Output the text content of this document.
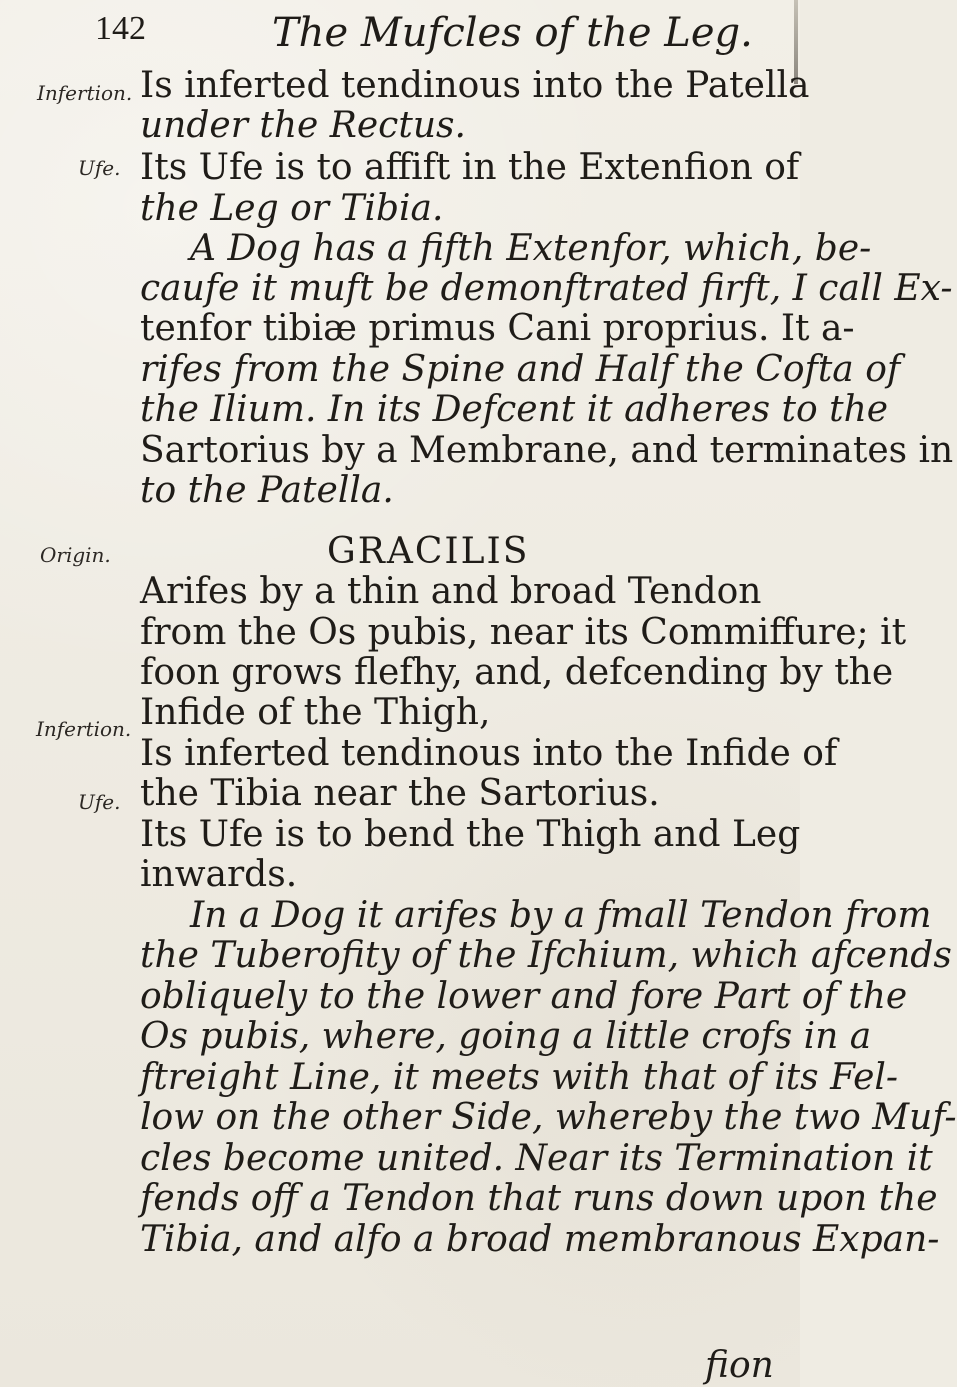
142	The Mufcles of the Leg.
Infertion.
Ufe.
Origin.
Infertion.
Ufe.
Is inferted tendinous into the Patella
under the Rectus.
Its Ufe is to affift in the Extenfion of
the Leg or Tibia.
A Dog has a fifth Extenfor, which, be-
caufe it muft be demonftrated firft, I call Ex-
tenfor tibiæ primus Cani proprius. It a-
rifes from the Spine and Half the Cofta of
the Ilium. In its Defcent it adheres to the
Sartorius by a Membrane, and terminates in
to the Patella.
GRACILIS
Arifes by a thin and broad Tendon
from the Os pubis, near its Commiffure; it
foon grows flefhy, and, defcending by the
Infide of the Thigh,
Is inferted tendinous into the Infide of
the Tibia near the Sartorius.
Its Ufe is to bend the Thigh and Leg
inwards.
In a Dog it arifes by a fmall Tendon from
the Tuberofity of the Ifchium, which afcends
obliquely to the lower and fore Part of the
Os pubis, where, going a little crofs in a
ftreight Line, it meets with that of its Fel-
low on the other Side, whereby the two Muf-
cles become united. Near its Termination it
fends off a Tendon that runs down upon the
Tibia, and alfo a broad membranous Expan-
fion
